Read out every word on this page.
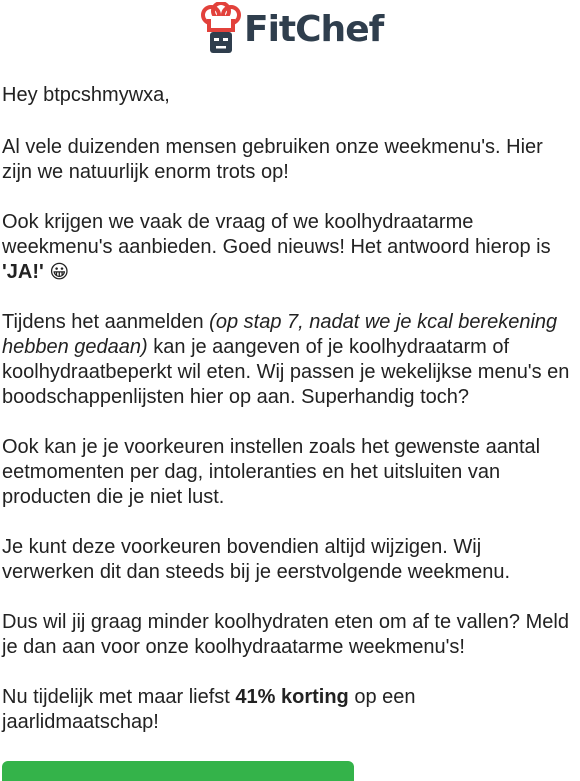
FitChef

Hey btpcshmywxa,

Al vele duizenden mensen gebruiken onze weekmenu's. Hier zijn we natuurlijk enorm trots op!

Ook krijgen we vaak de vraag of we koolhydraatarme weekmenu's aanbieden. Goed nieuws! Het antwoord hierop is 'JA!' 😀

Tijdens het aanmelden (op stap 7, nadat we je kcal berekening hebben gedaan) kan je aangeven of je koolhydraatarm of koolhydraatbeperkt wil eten. Wij passen je wekelijkse menu's en boodschappenlijsten hier op aan. Superhandig toch?

Ook kan je je voorkeuren instellen zoals het gewenste aantal eetmomenten per dag, intoleranties en het uitsluiten van producten die je niet lust.

Je kunt deze voorkeuren bovendien altijd wijzigen. Wij verwerken dit dan steeds bij je eerstvolgende weekmenu.

Dus wil jij graag minder koolhydraten eten om af te vallen? Meld je dan aan voor onze koolhydraatarme weekmenu's!

Nu tijdelijk met maar liefst 41% korting op een jaarlidmaatschap!
